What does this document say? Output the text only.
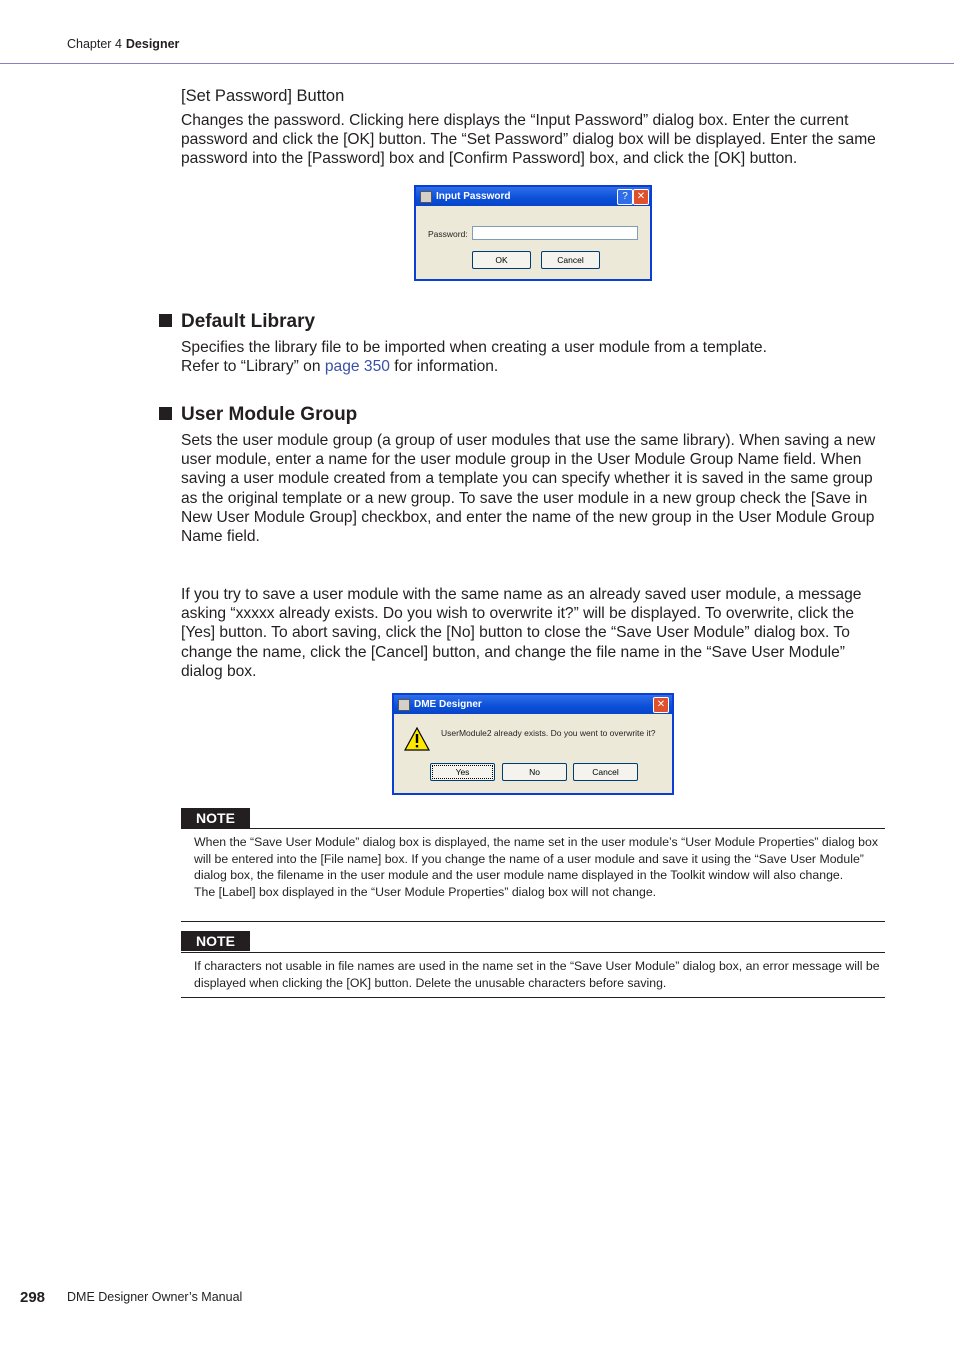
Chapter 4 Designer
[Set Password] Button
Changes the password. Clicking here displays the “Input Password” dialog box. Enter the current password and click the [OK] button. The “Set Password” dialog box will be displayed. Enter the same password into the [Password] box and [Confirm Password] box, and click the [OK] button.
Input Password	? ✕
Password:
OK	Cancel
Default Library
Specifies the library file to be imported when creating a user module from a template.
Refer to “Library” on page 350 for information.
User Module Group
Sets the user module group (a group of user modules that use the same library). When saving a new user module, enter a name for the user module group in the User Module Group Name field. When saving a user module created from a template you can specify whether it is saved in the same group as the original template or a new group. To save the user module in a new group check the [Save in New User Module Group] checkbox, and enter the name of the new group in the User Module Group Name field.
If you try to save a user module with the same name as an already saved user module, a message asking “xxxxx already exists. Do you wish to overwrite it?” will be displayed. To overwrite, click the [Yes] button. To abort saving, click the [No] button to close the “Save User Module” dialog box. To change the name, click the [Cancel] button, and change the file name in the “Save User Module” dialog box.
DME Designer	✕
UserModule2 already exists. Do you went to overwrite it?
Yes	No	Cancel
NOTE
When the “Save User Module” dialog box is displayed, the name set in the user module’s “User Module Properties” dialog box will be entered into the [File name] box. If you change the name of a user module and save it using the “Save User Module” dialog box, the filename in the user module and the user module name displayed in the Toolkit window will also change.
The [Label] box displayed in the “User Module Properties” dialog box will not change.
NOTE
If characters not usable in file names are used in the name set in the “Save User Module” dialog box, an error message will be displayed when clicking the [OK] button. Delete the unusable characters before saving.
298 DME Designer Owner’s Manual
